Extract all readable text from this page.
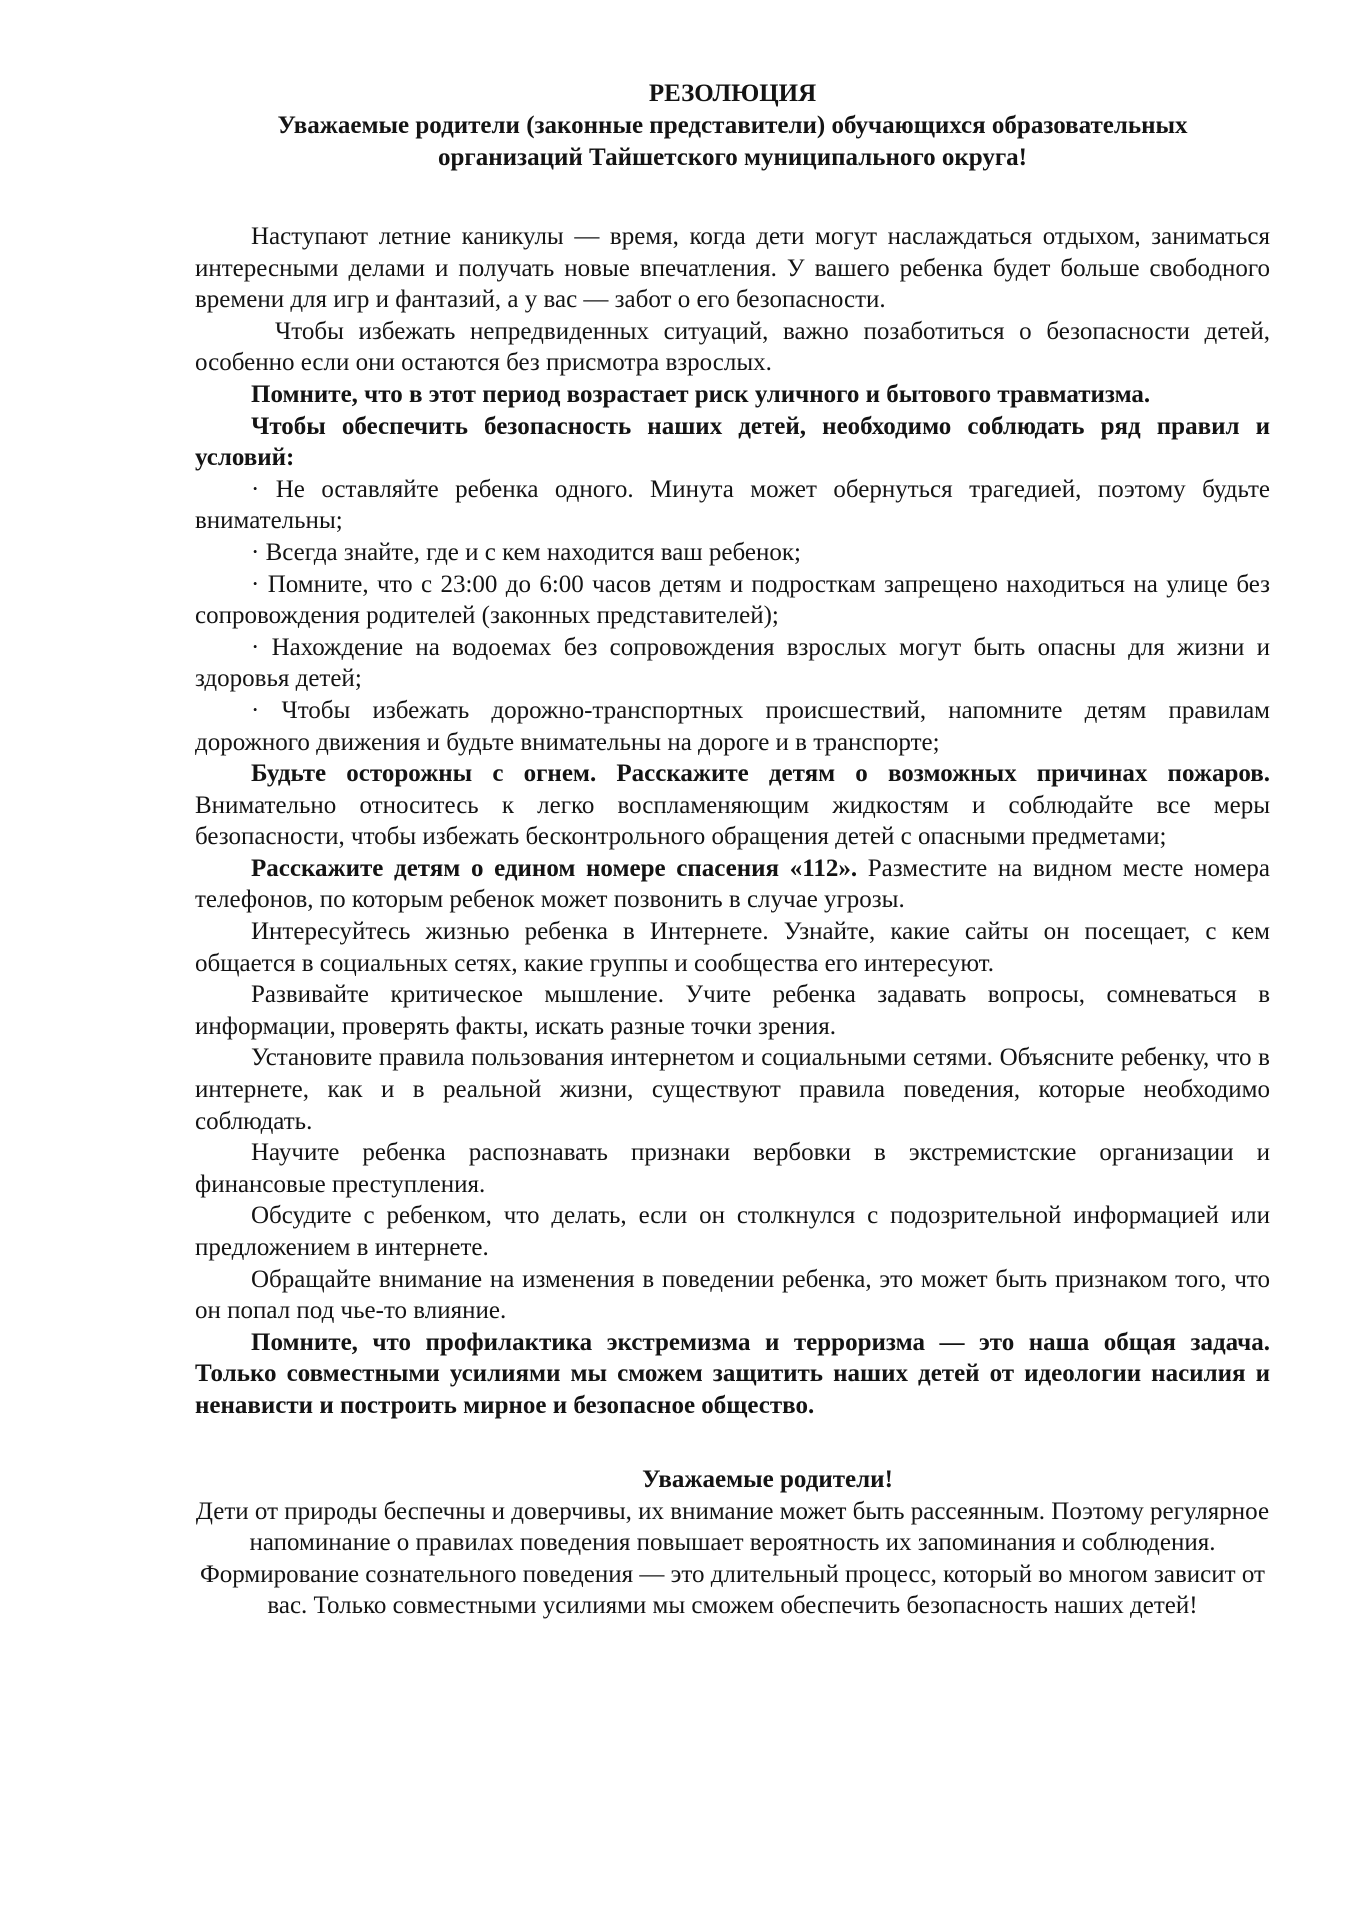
РЕЗОЛЮЦИЯ

Уважаемые родители (законные представители) обучающихся образовательных

организаций Тайшетского муниципального округа!

Наступают летние каникулы — время, когда дети могут наслаждаться отдыхом, заниматься интересными делами и получать новые впечатления. У вашего ребенка будет больше свободного времени для игр и фантазий, а у вас — забот о его безопасности.

Чтобы избежать непредвиденных ситуаций, важно позаботиться о безопасности детей, особенно если они остаются без присмотра взрослых.

Помните, что в этот период возрастает риск уличного и бытового травматизма.

Чтобы обеспечить безопасность наших детей, необходимо соблюдать ряд правил и условий:

· Не оставляйте ребенка одного. Минута может обернуться трагедией, поэтому будьте внимательны;

· Всегда знайте, где и с кем находится ваш ребенок;

· Помните, что с 23:00 до 6:00 часов детям и подросткам запрещено находиться на улице без сопровождения родителей (законных представителей);

· Нахождение на водоемах без сопровождения взрослых могут быть опасны для жизни и здоровья детей;

· Чтобы избежать дорожно-транспортных происшествий, напомните детям правилам дорожного движения и будьте внимательны на дороге и в транспорте;

Будьте осторожны с огнем. Расскажите детям о возможных причинах пожаров. Внимательно относитесь к легко воспламеняющим жидкостям и соблюдайте все меры безопасности, чтобы избежать бесконтрольного обращения детей с опасными предметами;

Расскажите детям о едином номере спасения «112». Разместите на видном месте номера телефонов, по которым ребенок может позвонить в случае угрозы.

Интересуйтесь жизнью ребенка в Интернете. Узнайте, какие сайты он посещает, с кем общается в социальных сетях, какие группы и сообщества его интересуют.

Развивайте критическое мышление. Учите ребенка задавать вопросы, сомневаться в информации, проверять факты, искать разные точки зрения.

Установите правила пользования интернетом и социальными сетями. Объясните ребенку, что в интернете, как и в реальной жизни, существуют правила поведения, которые необходимо соблюдать.

Научите ребенка распознавать признаки вербовки в экстремистские организации и финансовые преступления.

Обсудите с ребенком, что делать, если он столкнулся с подозрительной информацией или предложением в интернете.

Обращайте внимание на изменения в поведении ребенка, это может быть признаком того, что он попал под чье-то влияние.

Помните, что профилактика экстремизма и терроризма — это наша общая задача. Только совместными усилиями мы сможем защитить наших детей от идеологии насилия и ненависти и построить мирное и безопасное общество.

Уважаемые родители!

Дети от природы беспечны и доверчивы, их внимание может быть рассеянным. Поэтому регулярное напоминание о правилах поведения повышает вероятность их запоминания и соблюдения.

Формирование сознательного поведения — это длительный процесс, который во многом зависит от вас. Только совместными усилиями мы сможем обеспечить безопасность наших детей!
